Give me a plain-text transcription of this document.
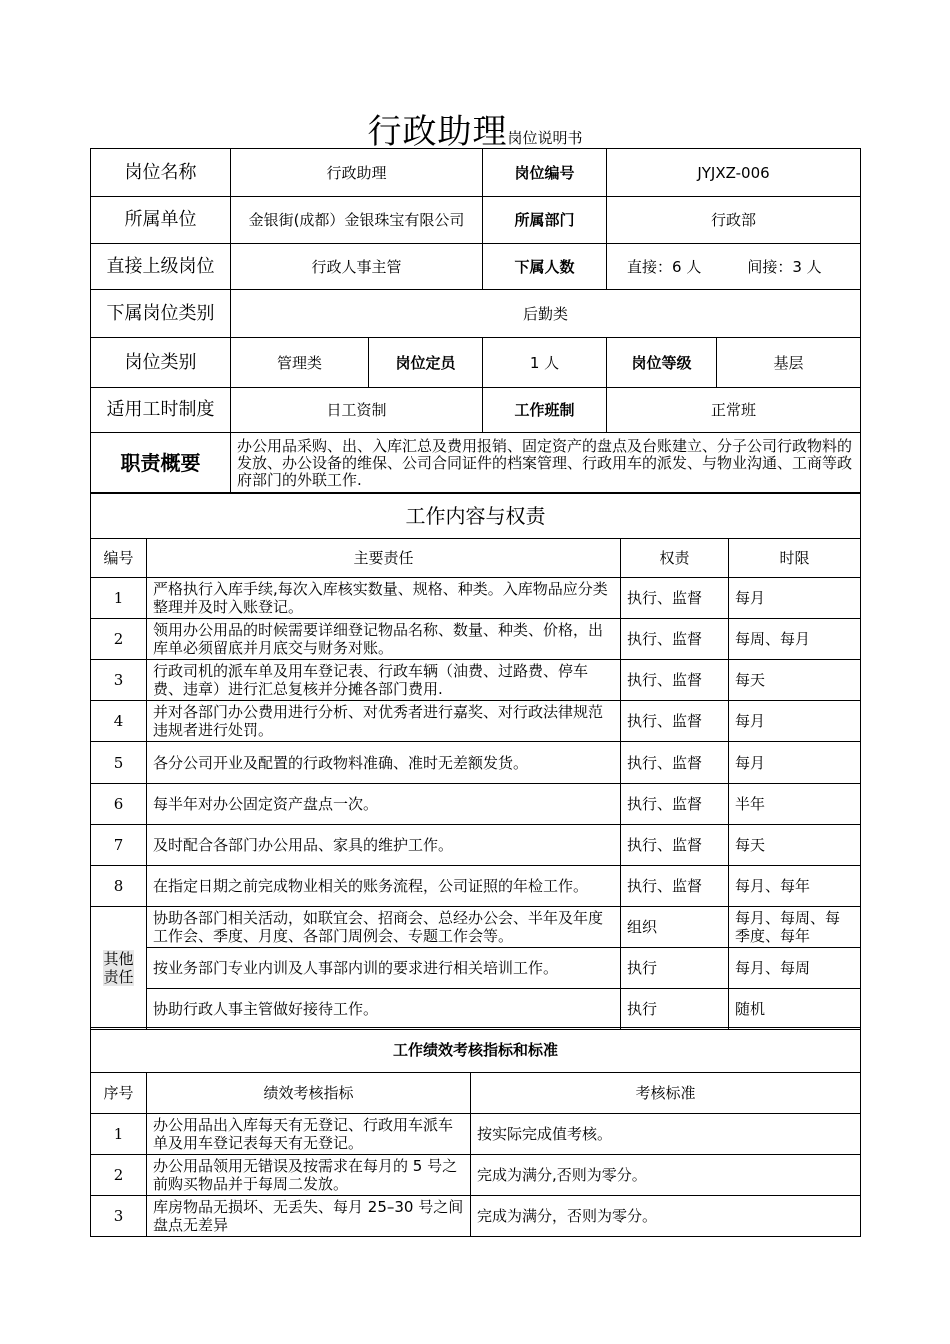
行政助理岗位说明书
岗位名称	行政助理		岗位编号	JYJXZ-006	
所属单位	金银街(成都）金银珠宝有限公司		所属部门	行政部	
直接上级岗位	行政人事主管		下属人数	直接：6 人 间接：3 人	
下属岗位类别	后勤类				
岗位类别	管理类	岗位定员	1 人	岗位等级	基层
适用工时制度	日工资制		工作班制	正常班	
职责概要	办公用品采购、出、入库汇总及费用报销、固定资产的盘点及台账建立、分子公司行政物料的发放、办公设备的维保、公司合同证件的档案管理、行政用车的派发、与物业沟通、工商等政府部门的外联工作.				
工作内容与权责			
编号	主要责任	权责	时限
1	严格执行入库手续,每次入库核实数量、规格、种类。入库物品应分类整理并及时入账登记。	执行、监督	每月
2	领用办公用品的时候需要详细登记物品名称、数量、种类、价格，出库单必须留底并月底交与财务对账。	执行、监督	每周、每月
3	行政司机的派车单及用车登记表、行政车辆（油费、过路费、停车费、违章）进行汇总复核并分摊各部门费用.	执行、监督	每天
4	并对各部门办公费用进行分析、对优秀者进行嘉奖、对行政法律规范违规者进行处罚。	执行、监督	每月
5	各分公司开业及配置的行政物料准确、准时无差额发货。	执行、监督	每月
6	每半年对办公固定资产盘点一次。	执行、监督	半年
7	及时配合各部门办公用品、家具的维护工作。	执行、监督	每天
8	在指定日期之前完成物业相关的账务流程，公司证照的年检工作。	执行、监督	每月、每年
其他责任	协助各部门相关活动，如联宜会、招商会、总经办公会、半年及年度工作会、季度、月度、各部门周例会、专题工作会等。	组织	每月、每周、每季度、每年
	按业务部门专业内训及人事部内训的要求进行相关培训工作。	执行	每月、每周
	协助行政人事主管做好接待工作。	执行	随机
工作绩效考核指标和标准		
序号	绩效考核指标	考核标准
1	办公用品出入库每天有无登记、行政用车派车单及用车登记表每天有无登记。	按实际完成值考核。
2	办公用品领用无错误及按需求在每月的 5 号之前购买物品并于每周二发放。	完成为满分,否则为零分。
3	库房物品无损坏、无丢失、每月 25–30 号之间盘点无差异	完成为满分，否则为零分。
